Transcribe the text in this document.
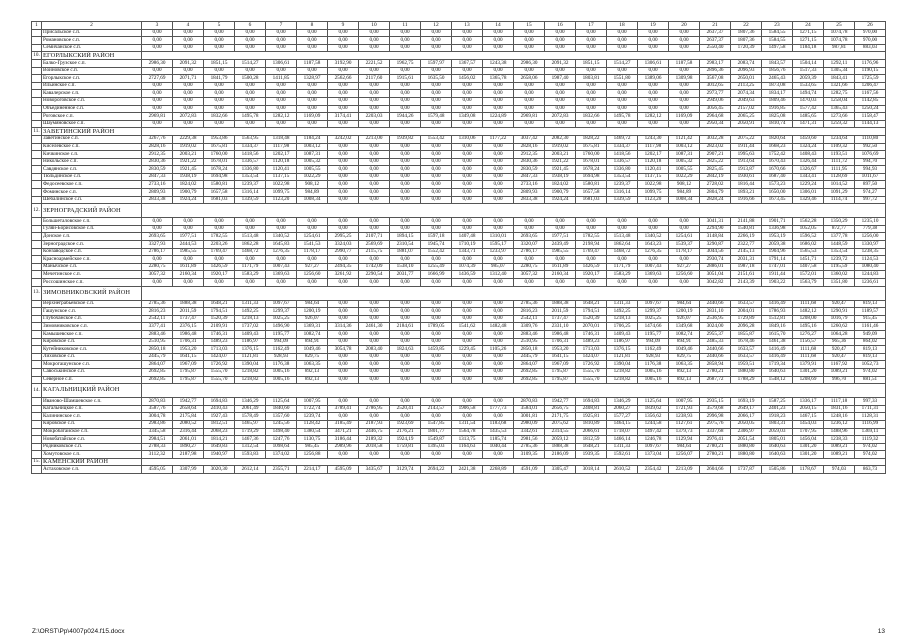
1	2	3	4	5	6	7	8	9	10	11	12	13	14	15	16	17	18	19	20	21	22	23	24	25	26
	Присальское с.п.	0,00	0,00	0,00	0,00	0,00	0,00	0,00	0,00	0,00	0,00	0,00	0,00	0,00	0,00	0,00	0,00	0,00	0,00	2637,37	1807,36	1584,55	1271,15	1074,78	970,00
	Романовское с.п.	0,00	0,00	0,00	0,00	0,00	0,00	0,00	0,00	0,00	0,00	0,00	0,00	0,00	0,00	0,00	0,00	0,00	0,00	2637,37	1807,36	1584,55	1271,15	1074,78	970,00
	Семичанское с.п.	0,00	0,00	0,00	0,00	0,00	0,00	0,00	0,00	0,00	0,00	0,00	0,00	0,00	0,00	0,00	0,00	0,00	0,00	2550,40	1720,39	1497,58	1184,18	987,81	883,03
10.	ЕГОРЛЫКСКИЙ РАЙОН																								
	Балко-Грузское с.п.	2986,30	2091,32	1851,15	1514,27	1306,61	1187,58	3192,90	2221,52	1962,75	1597,97	1367,57	1243,38	2986,30	2091,32	1851,15	1514,27	1306,61	1187,58	2983,17	2083,74	1843,57	1504,14	1292,11	1176,96
	Войновское с.п.	0,00	0,00	0,00	0,00	0,00	0,00	0,00	0,00	0,00	0,00	0,00	0,00	0,00	0,00	0,00	0,00	0,00	0,00	2896,36	2096,93	1856,76	1517,33	1305,34	1190,15
	Егорлыкское с.п.	2727,69	2071,71	1841,79	1500,28	1411,85	1328,97	2562,66	2117,60	1915,61	1635,50	1456,02	1365,78	2658,06	1987,40	1803,81	1551,80	1389,06	1309,98	3567,08	2650,01	2465,43	2059,39	1843,41	1725,59
	Ильинское с.п.	0,00	0,00	0,00	0,00	0,00	0,00	0,00	0,00	0,00	0,00	0,00	0,00	0,00	0,00	0,00	0,00	0,00	0,00	3012,65	2113,25	1873,08	1533,65	1321,66	1206,47
	Кавалерское с.п.	0,00	0,00	0,00	0,00	0,00	0,00	0,00	0,00	0,00	0,00	0,00	0,00	0,00	0,00	0,00	0,00	0,00	0,00	2973,77	2074,34	1834,17	1494,74	1282,75	1167,56
	Новороговское с.п.	0,00	0,00	0,00	0,00	0,00	0,00	0,00	0,00	0,00	0,00	0,00	0,00	0,00	0,00	0,00	0,00	0,00	0,00	2949,06	2049,63	1809,46	1470,03	1258,04	1142,85
	Объединенное с.п.	0,00	0,00	0,00	0,00	0,00	0,00	0,00	0,00	0,00	0,00	0,00	0,00	0,00	0,00	0,00	0,00	0,00	0,00	3056,45	2157,02	1916,85	1577,42	1365,43	1250,24
	Роговское с.п.	2969,81	2072,83	1832,66	1495,78	1282,12	1169,09	3174,41	2203,03	1944,26	1579,48	1349,08	1224,89	2969,81	2072,83	1832,66	1495,78	1282,12	1169,09	2964,68	2065,25	1825,08	1485,65	1273,66	1158,47
	Шаумяновское с.п.	0,00	0,00	0,00	0,00	0,00	0,00	0,00	0,00	0,00	0,00	0,00	0,00	0,00	0,00	0,00	0,00	0,00	0,00	2950,34	2050,91	1810,74	1471,31	1259,32	1144,13
11.	ЗАВЕТИНСКИЙ РАЙОН																								
	Заветинское с.п.	3267,76	2229,38	1953,86	1563,95	1318,48	1184,24	3242,02	2213,00	1939,82	1553,42	1310,06	1177,22	3037,42	2082,30	1828,22	1469,72	1243,30	1121,42	3032,28	2075,22	1820,64	1459,60	1234,64	1110,80
	Киселевское с.п.	2828,16	1919,02	1675,81	1334,37	1117,98	1003,12	0,00	0,00	0,00	0,00	0,00	0,00	2828,16	1919,02	1675,81	1334,37	1117,98	1003,12	2823,02	1911,44	1668,23	1324,24	1109,32	992,50
	Кичкинское с.п.	2912,35	2003,21	1760,00	1418,56	1202,17	1087,31	0,00	0,00	0,00	0,00	0,00	0,00	2912,35	2003,21	1760,00	1418,56	1202,17	1087,31	2907,21	1995,63	1752,42	1408,43	1193,51	1076,69
	Никольское с.п.	2830,36	1921,22	1678,01	1336,57	1120,18	1005,32	0,00	0,00	0,00	0,00	0,00	0,00	2830,36	1921,22	1678,01	1336,57	1120,18	1005,32	2825,22	1913,64	1670,43	1326,44	1111,72	994,70
	Савдянское с.п.	2830,59	1921,45	1678,24	1336,80	1120,41	1005,55	0,00	0,00	0,00	0,00	0,00	0,00	2830,59	1921,45	1678,24	1336,80	1120,41	1005,55	2825,45	1913,87	1670,66	1326,67	1111,95	994,93
	Тюльдинское с.п.	2847,33	1938,19	1694,98	1353,54	1137,15	1022,29	0,00	0,00	0,00	0,00	0,00	0,00	2847,33	1938,19	1694,98	1353,54	1137,15	1022,29	2842,19	1930,61	1687,40	1343,41	1128,69	1011,67
	Федосеевское с.п.	2733,16	1824,02	1580,81	1239,37	1022,98	908,12	0,00	0,00	0,00	0,00	0,00	0,00	2733,16	1824,02	1580,81	1239,37	1022,98	908,12	2728,02	1816,44	1573,23	1229,24	1014,52	897,50
	Фоминское с.п.	2809,93	1900,79	1657,58	1316,14	1099,75	984,89	0,00	0,00	0,00	0,00	0,00	0,00	2809,93	1900,79	1657,58	1316,14	1099,75	984,89	2804,79	1893,21	1650,00	1306,01	1091,29	974,27
	Шебалинское с.п.	2833,38	1924,24	1681,03	1339,59	1123,20	1008,34	0,00	0,00	0,00	0,00	0,00	0,00	2833,38	1924,24	1681,03	1339,59	1123,20	1008,34	2828,24	1916,66	1673,45	1329,46	1114,74	997,72
12.	ЗЕРНОГРАДСКИЙ РАЙОН																								
	Большеталовское с.п.	0,00	0,00	0,00	0,00	0,00	0,00	0,00	0,00	0,00	0,00	0,00	0,00	0,00	0,00	0,00	0,00	0,00	0,00	3041,31	2141,88	1901,71	1562,28	1350,29	1235,10
	Гуляй-Борисовское с.п.	0,00	0,00	0,00	0,00	0,00	0,00	0,00	0,00	0,00	0,00	0,00	0,00	0,00	0,00	0,00	0,00	0,00	0,00	2294,90	1540,81	1336,98	1052,05	872,77	779,38
	Донское с.п.	2693,65	1977,51	1782,55	1513,48	1340,52	1254,61	2995,25	2107,71	1894,15	1597,18	1407,48	1310,01	2693,65	1977,51	1782,55	1513,48	1340,52	1254,61	3148,84	2266,19	1953,19	1596,52	1377,78	1256,00
	Зерноградское с.п.	3327,93	2444,53	2203,26	1862,28	1645,83	1541,53	3324,03	2569,69	2310,54	1945,74	1710,19	1595,17	3320,07	2439,49	2198,94	1862,64	1643,23	1539,37	3290,87	2322,77	2059,38	1686,02	1448,59	1330,97
	Конзаводское с.п.	2786,17	1985,55	1769,47	1468,72	1276,35	1178,17	2990,77	2115,75	1881,07	1552,42	1343,71	1233,97	2786,17	1985,55	1769,47	1468,72	1276,35	1178,17	3044,56	2145,13	1904,96	1565,53	1353,54	1238,35
	Красноармейское с.п.	0,00	0,00	0,00	0,00	0,00	0,00	0,00	0,00	0,00	0,00	0,00	0,00	0,00	0,00	0,00	0,00	0,00	0,00	2930,74	2031,31	1791,14	1451,71	1239,72	1124,53
	Манычское с.п.	2280,75	1611,89	1426,59	1171,79	1007,43	927,27	2494,35	1742,09	1538,10	1255,49	1074,39	985,07	2280,75	1611,89	1426,59	1171,79	1007,43	927,27	2886,01	1987,18	1747,01	1407,58	1195,59	1080,40
	Мечетинское с.п.	3057,32	2160,34	1920,17	1583,29	1369,63	1256,60	3261,92	2290,54	2031,77	1666,99	1436,59	1312,40	3057,32	2160,34	1920,17	1583,29	1369,63	1256,60	3051,04	2151,61	1911,44	1572,01	1360,02	1244,83
	Россошинское с.п.	0,00	0,00	0,00	0,00	0,00	0,00	0,00	0,00	0,00	0,00	0,00	0,00	0,00	0,00	0,00	0,00	0,00	0,00	3042,82	2143,39	1903,22	1563,79	1351,80	1236,61
13.	ЗИМОВНИКОВСКИЙ РАЙОН																								
	Верхнеграбьевское с.п.	2785,36	1888,38	1648,21	1311,33	1097,67	984,64	0,00	0,00	0,00	0,00	0,00	0,00	2785,36	1888,38	1648,21	1311,33	1097,67	984,64	2440,66	1633,57	1416,49	1111,68	920,47	819,13
	Гашунское с.п.	2816,23	2011,59	1794,51	1492,25	1299,37	1200,19	0,00	0,00	0,00	0,00	0,00	0,00	2816,23	2011,59	1794,51	1492,25	1299,37	1200,19	2831,10	2004,01	1786,93	1482,12	1290,91	1189,57
	Глубочанское с.п.	2542,11	1737,47	1520,39	1218,13	1025,25	926,07	0,00	0,00	0,00	0,00	0,00	0,00	2542,11	1737,47	1520,39	1218,13	1025,25	926,07	2536,95	1729,89	1512,81	1208,00	1016,79	915,45
	Зимовниковское с.п.	3377,41	2376,15	2109,91	1737,02	1496,90	1369,31	3314,36	2461,30	2184,61	1789,05	1541,62	1482,48	3309,76	2331,10	2070,01	1706,25	1474,66	1349,68	3024,00	2096,28	1849,16	1495,16	1260,62	1161,46
	Камышевское с.п.	2883,46	1986,48	1746,31	1409,43	1195,77	1082,74	0,00	0,00	0,00	0,00	0,00	0,00	2883,46	1986,48	1746,31	1409,43	1195,77	1082,74	2955,37	1855,87	1615,70	1276,27	1064,28	949,09
	Кировское с.п.	2510,95	1706,31	1489,23	1186,97	994,09	894,91	0,00	0,00	0,00	0,00	0,00	0,00	2510,95	1706,31	1489,23	1186,97	994,09	894,91	2485,33	1678,46	1461,38	1156,57	965,36	864,02
	Кутейниковское с.п.	2850,18	1953,20	1713,03	1376,15	1162,49	1049,46	3054,78	2083,40	1824,63	1459,85	1229,45	1105,26	2850,18	1953,20	1713,03	1376,15	1162,49	1049,46	2440,66	1633,57	1416,49	1111,68	920,47	819,13
	Лиховское с.п.	2445,79	1641,15	1424,07	1121,81	928,93	829,75	0,00	0,00	0,00	0,00	0,00	0,00	2445,79	1641,15	1424,07	1121,81	928,93	829,75	2440,66	1633,57	1416,49	1111,68	920,47	819,13
	Мокрогашунское с.п.	2864,07	1967,09	1726,92	1390,04	1176,38	1063,35	0,00	0,00	0,00	0,00	0,00	0,00	2864,07	1967,09	1726,92	1390,04	1176,38	1063,35	2858,94	1959,51	1719,34	1379,91	1167,92	1052,73
	Савоськинское с.п.	2692,85	1795,87	1555,70	1218,82	1005,16	892,13	0,00	0,00	0,00	0,00	0,00	0,00	2692,85	1795,87	1555,70	1218,82	1005,16	892,13	2780,21	1880,80	1640,63	1301,20	1089,21	974,02
	Северное с.п.	2692,85	1795,87	1555,70	1218,82	1005,16	892,13	0,00	0,00	0,00	0,00	0,00	0,00	2692,85	1795,87	1555,70	1218,82	1005,16	892,13	2687,72	1788,29	1548,12	1208,69	996,70	881,51
14.	КАГАЛЬНИЦКИЙ РАЙОН																								
	Иваново-Шамшевское с.п.	2870,83	1942,77	1694,83	1346,29	1125,64	1007,95	0,00	0,00	0,00	0,00	0,00	0,00	2870,83	1942,77	1694,83	1346,29	1125,64	1007,95	2935,15	1693,19	1587,25	1336,17	1117,18	997,33
	Кагальницкое с.п.	3587,76	2658,64	2410,43	2061,49	1840,60	1722,74	3789,41	2786,95	2520,41	2143,57	1906,58	1777,73	3584,01	2656,75	2408,81	2060,27	1839,62	1721,93	3579,68	2649,17	2401,23	2050,15	1831,16	1711,31
	Калининское с.п.	3004,78	2175,84	1927,43	1578,49	1357,60	1239,74	0,00	0,00	0,00	0,00	0,00	0,00	3001,81	2171,75	1925,81	1577,27	1356,62	1238,93	2996,98	2066,17	1918,23	1467,15	1248,16	1128,31
	Кировское с.п.	2983,86	2080,52	1812,51	1465,97	1245,56	1128,42	3185,49	2187,93	1923,69	1547,85	1311,54	1183,68	2980,09	2075,62	1810,89	1464,15	1244,58	1127,61	2975,76	2050,05	1803,31	1454,03	1236,12	1116,99
	Мокробатайское с.п.	3345,58	2316,44	2068,23	1719,29	1498,40	1380,54	3471,21	2446,75	2176,21	1801,77	1564,78	1435,53	3342,61	2314,55	2066,61	1718,07	1497,42	1379,73	3337,68	2306,97	2059,03	1707,95	1488,96	1369,11
	Новобатайское с.п.	2984,51	2061,01	1814,21	1467,36	1247,76	1130,75	3186,44	2189,32	1924,19	1549,87	1313,75	1185,74	2981,56	2059,12	1812,59	1466,14	1246,78	1129,94	2976,41	2051,54	1805,01	1456,04	1238,33	1119,32
	Родниковское с.п.	2788,33	1890,27	1649,83	1312,54	1098,64	985,45	2989,96	2018,58	1759,81	1395,03	1164,63	1040,44	2785,36	1888,38	1648,21	1311,33	1097,67	984,64	2780,21	1880,80	1640,63	1301,20	1089,21	974,02
	Хомутовское с.п.	3112,32	2187,98	1940,97	1593,83	1374,02	1256,88	0,00	0,00	0,00	0,00	0,00	0,00	3109,35	2186,09	1939,35	1592,61	1373,04	1256,07	2780,21	1880,80	1640,63	1301,20	1089,21	974,02
15.	КАМЕНСКИЙ РАЙОН																								
	Астаховское с.п.	4595,05	3307,99	3020,30	2612,14	2355,71	2214,17	4595,09	3435,67	3129,74	2694,22	2421,38	2268,89	4591,09	3305,47	3018,14	2610,52	2354,42	2213,09	2604,66	1737,87	1505,86	1178,67	974,03	863,73
Z:\ORST\Pp\4007p024.f15.docx	13
